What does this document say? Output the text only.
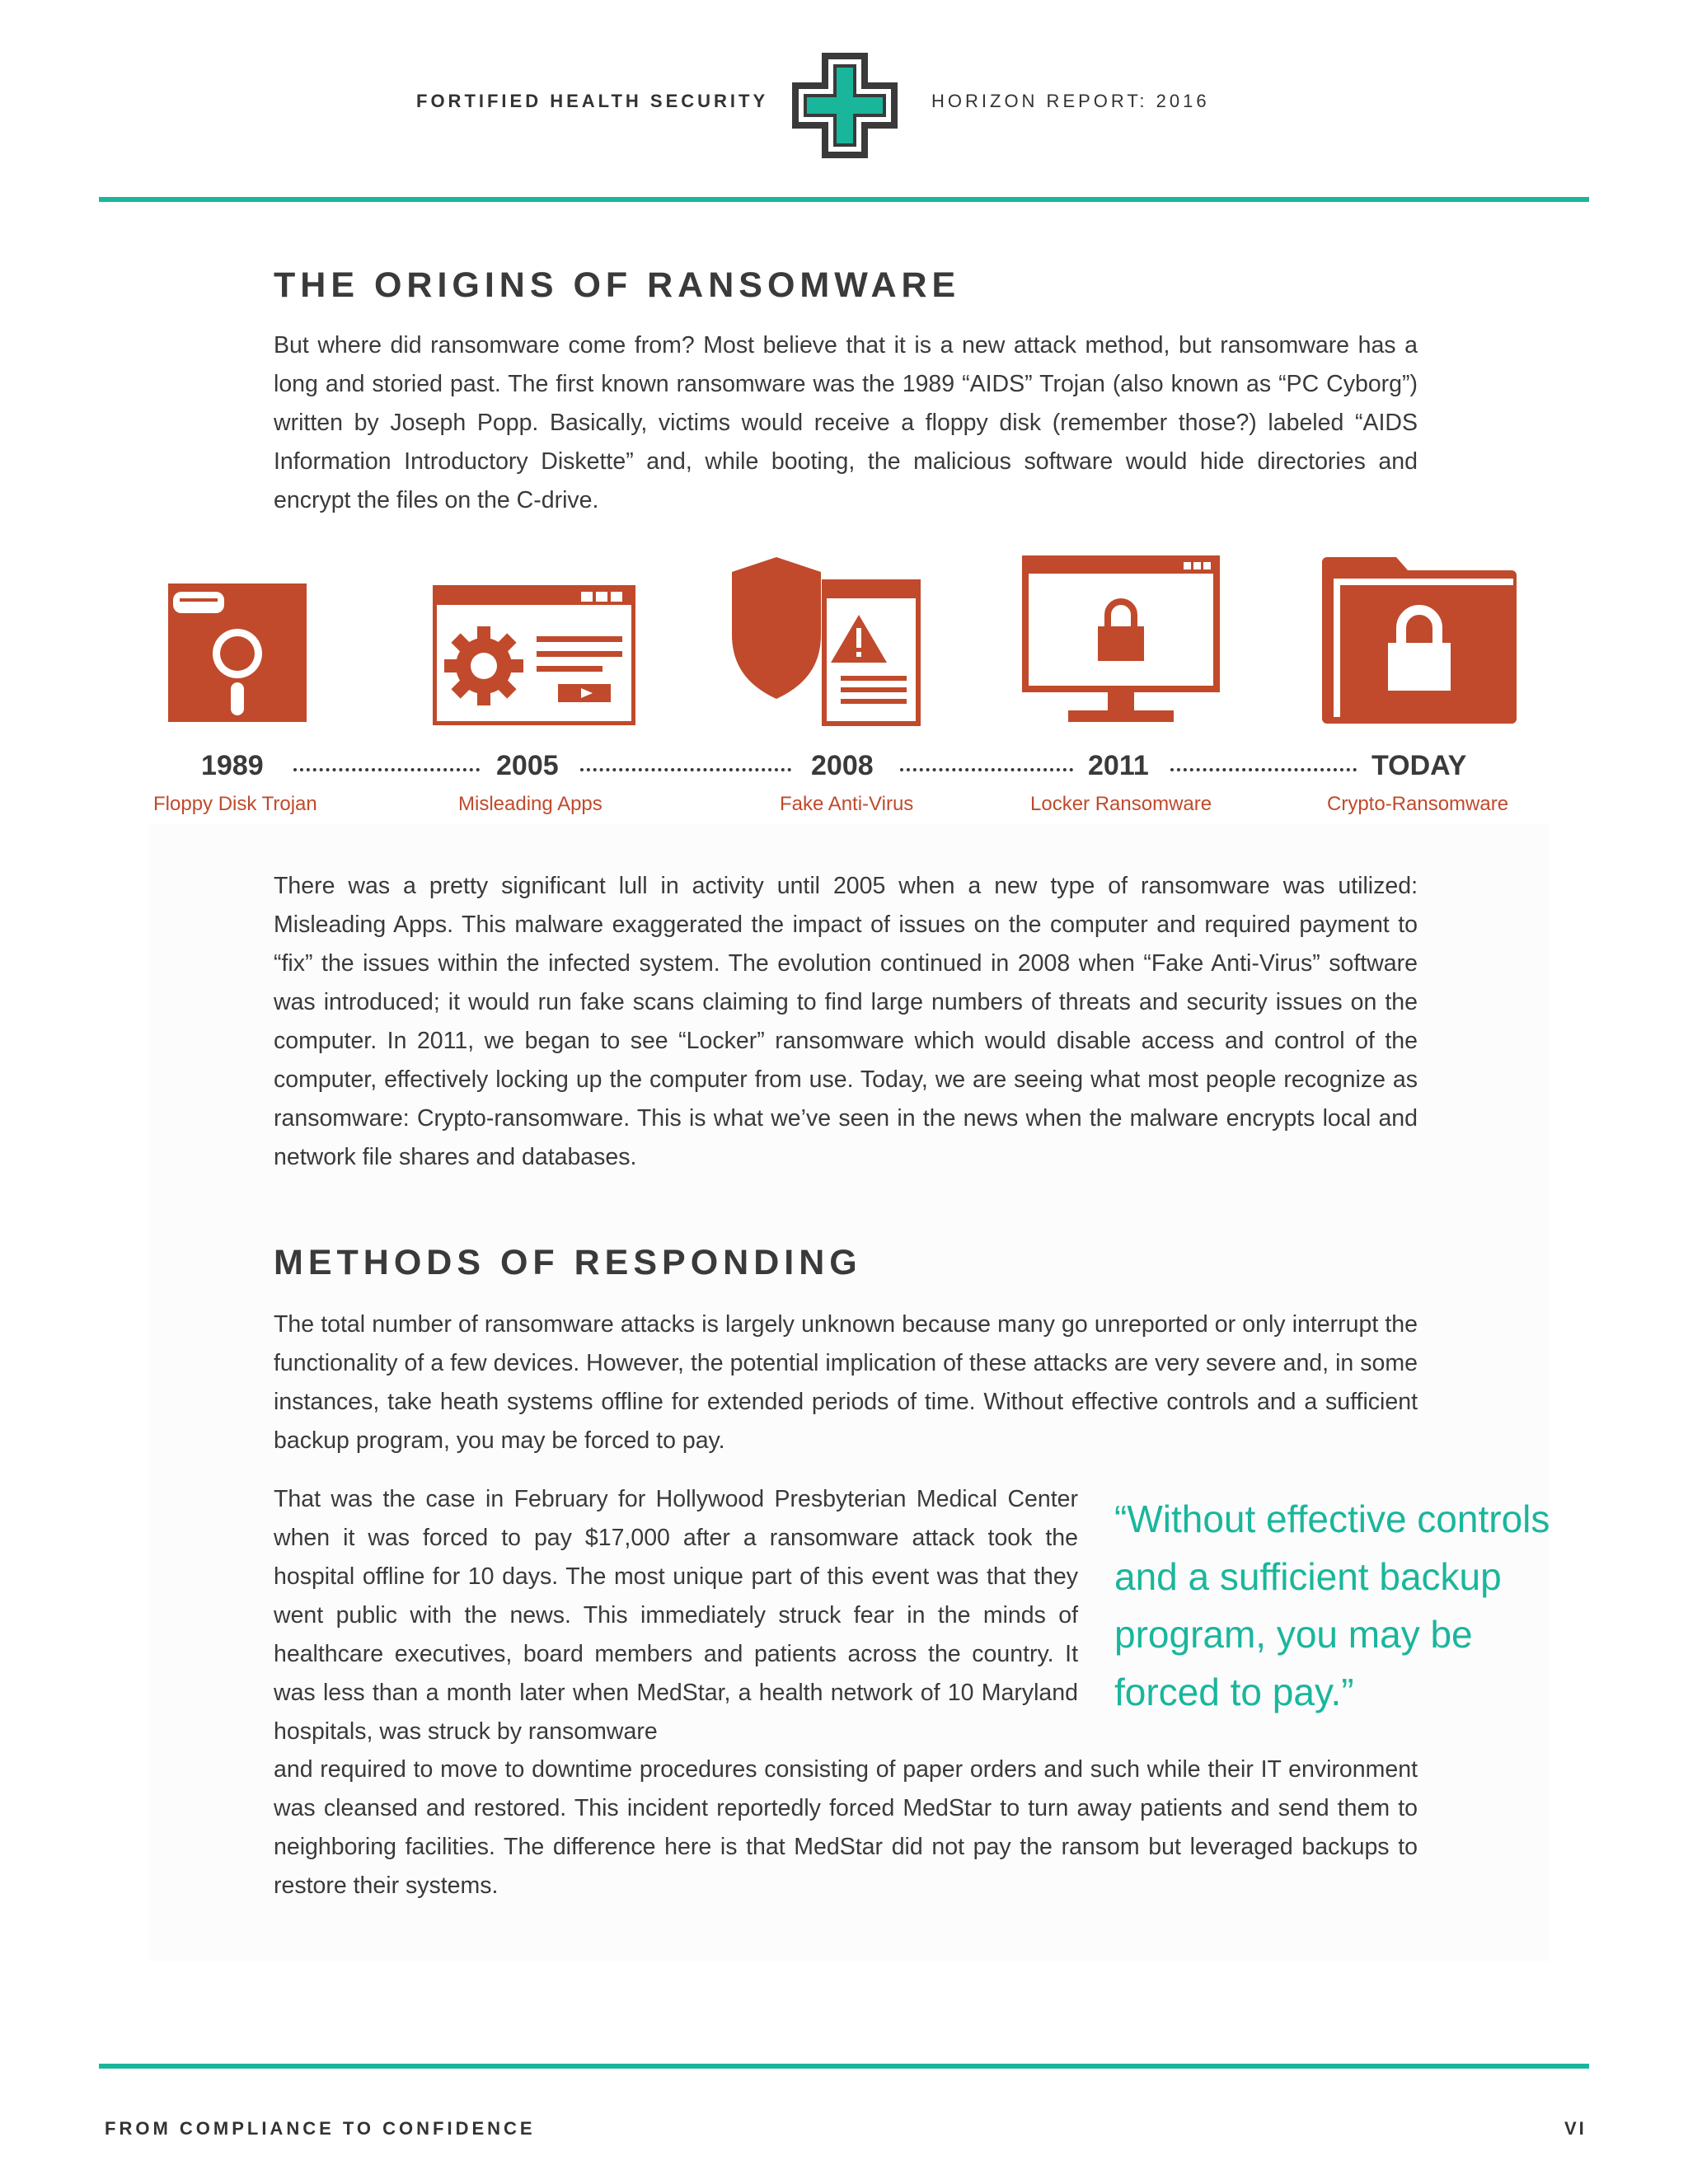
FORTIFIED HEALTH SECURITY	HORIZON REPORT: 2016
THE ORIGINS OF RANSOMWARE

But where did ransomware come from? Most believe that it is a new attack method, but ransomware has a long and storied past. The first known ransomware was the 1989 “AIDS” Trojan (also known as “PC Cyborg”) written by Joseph Popp. Basically, victims would receive a floppy disk (remember those?) labeled “AIDS Information Introductory Diskette” and, while booting, the malicious software would hide directories and encrypt the files on the C-drive.

1989	2005	2008	2011	TODAY
Floppy Disk Trojan	Misleading Apps	Fake Anti-Virus	Locker Ransomware	Crypto-Ransomware

There was a pretty significant lull in activity until 2005 when a new type of ransomware was utilized: Misleading Apps. This malware exaggerated the impact of issues on the computer and required payment to “fix” the issues within the infected system. The evolution continued in 2008 when “Fake Anti-Virus” software was introduced; it would run fake scans claiming to find large numbers of threats and security issues on the computer. In 2011, we began to see “Locker” ransomware which would disable access and control of the computer, effectively locking up the computer from use. Today, we are seeing what most people recognize as ransomware: Crypto-ransomware. This is what we’ve seen in the news when the malware encrypts local and network file shares and databases.

METHODS OF RESPONDING

The total number of ransomware attacks is largely unknown because many go unreported or only interrupt the functionality of a few devices. However, the potential implication of these attacks are very severe and, in some instances, take heath systems offline for extended periods of time. Without effective controls and a sufficient backup program, you may be forced to pay.

That was the case in February for Hollywood Presbyterian Medical Center when it was forced to pay $17,000 after a ransomware attack took the hospital offline for 10 days. The most unique part of this event was that they went public with the news. This immediately struck fear in the minds of healthcare executives, board members and patients across the country. It was less than a month later when MedStar, a health network of 10 Maryland hospitals, was struck by ransomware

and required to move to downtime procedures consisting of paper orders and such while their IT environment was cleansed and restored. This incident reportedly forced MedStar to turn away patients and send them to neighboring facilities. The difference here is that MedStar did not pay the ransom but leveraged backups to restore their systems.

“Without effective controls and a sufficient backup program, you may be forced to pay.”

FROM COMPLIANCE TO CONFIDENCE	VI
